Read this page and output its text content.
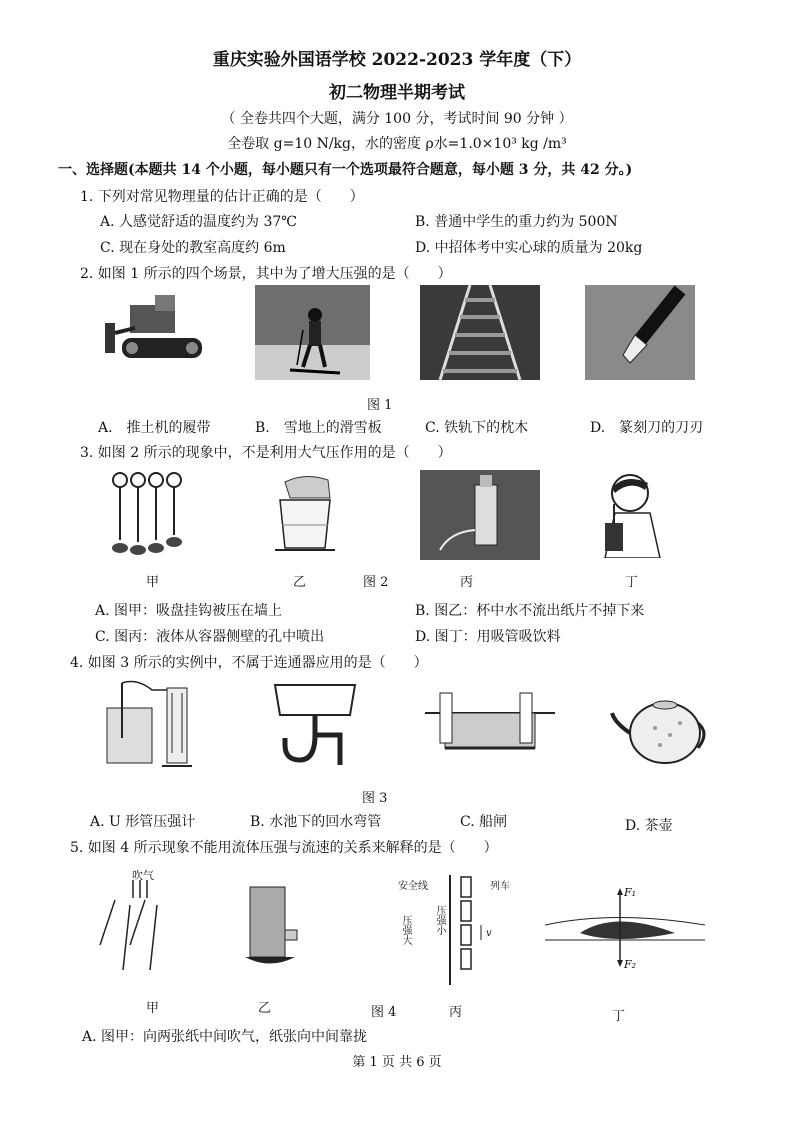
重庆实验外国语学校 2022-2023 学年度（下）
初二物理半期考试
（ 全卷共四个大题，满分 100 分，考试时间 90 分钟 ）
全卷取 g=10 N/kg，水的密度 ρ水=1.0×10³ kg /m³
一、选择题(本题共 14 个小题，每小题只有一个选项最符合题意，每小题 3 分，共 42 分。)
1. 下列对常见物理量的估计正确的是（　　）
A. 人感觉舒适的温度约为 37℃	B. 普通中学生的重力约为 500N
C. 现在身处的教室高度约 6m	D. 中招体考中实心球的质量为 20kg
2. 如图 1 所示的四个场景，其中为了增大压强的是（　　）
图 1
A.　推土机的履带	B.　雪地上的滑雪板	C. 铁轨下的枕木	D.　篆刻刀的刀刃
3. 如图 2 所示的现象中，不是利用大气压作用的是（　　）
甲	乙	图 2	丙	丁
A. 图甲：吸盘挂钩被压在墙上	B. 图乙：杯中水不流出纸片不掉下来
C. 图丙：液体从容器侧壁的孔中喷出	D. 图丁：用吸管吸饮料
4. 如图 3 所示的实例中，不属于连通器应用的是（　　）
图 3
A. U 形管压强计	B. 水池下的回水弯管	C. 船闸	D. 茶壶
5. 如图 4 所示现象不能用流体压强与流速的关系来解释的是（　　）
吹气
安全线	列车
压强大 压强小	v
F₁
F₂
甲	乙	图 4	丙	丁
A. 图甲：向两张纸中间吹气，纸张向中间靠拢
第 1 页 共 6 页
